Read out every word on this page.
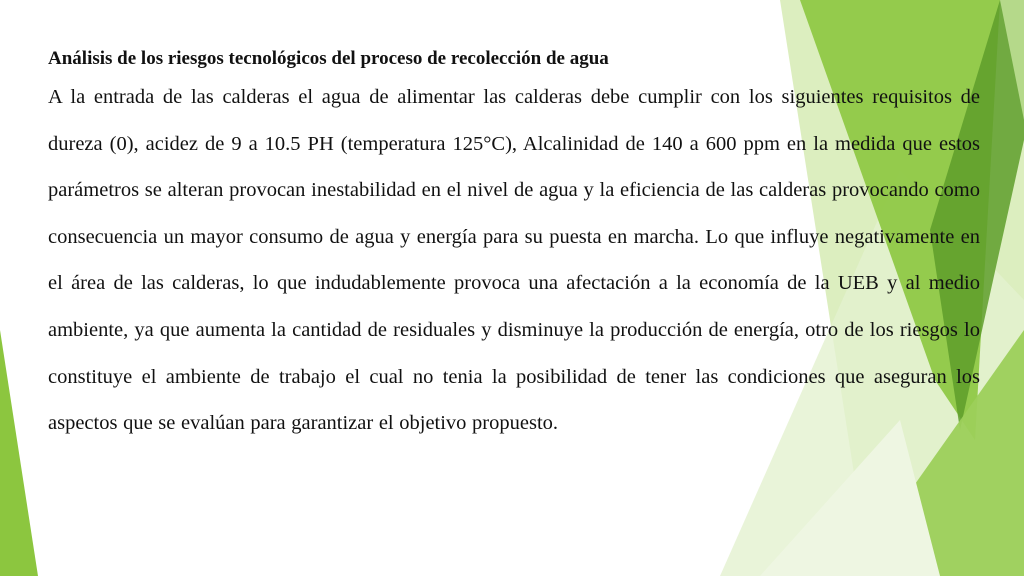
Análisis de los riesgos tecnológicos del proceso de recolección de agua

A la entrada de las calderas el agua de alimentar las calderas debe cumplir con los siguientes requisitos de dureza (0), acidez de 9 a 10.5 PH (temperatura 125°C), Alcalinidad de 140 a 600 ppm en la medida que estos parámetros se alteran provocan inestabilidad en el nivel de agua y la eficiencia de las calderas provocando como consecuencia un mayor consumo de agua y energía para su puesta en marcha. Lo que influye negativamente en el área de las calderas, lo que indudablemente provoca una afectación a la economía de la UEB y al medio ambiente, ya que aumenta la cantidad de residuales y disminuye la producción de energía, otro de los riesgos lo constituye el ambiente de trabajo el cual no tenia la posibilidad de tener las condiciones que aseguran los aspectos que se evalúan para garantizar el objetivo propuesto.
